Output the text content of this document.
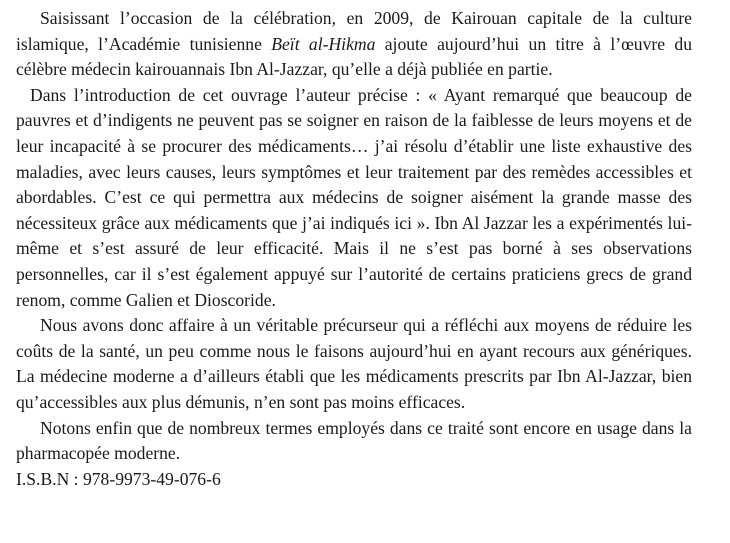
Saisissant l’occasion de la célébration, en 2009, de Kairouan capitale de la culture islamique, l’Académie tunisienne Beït al-Hikma ajoute aujourd’hui un titre à l’œuvre du célèbre médecin kairouannais Ibn Al-Jazzar, qu’elle a déjà publiée en partie.

Dans l’introduction de cet ouvrage l’auteur précise : « Ayant remarqué que beaucoup de pauvres et d’indigents ne peuvent pas se soigner en raison de la faiblesse de leurs moyens et de leur incapacité à se procurer des médicaments… j’ai résolu d’établir une liste exhaustive des maladies, avec leurs causes, leurs symptômes et leur traitement par des remèdes accessibles et abordables. C’est ce qui permettra aux médecins de soigner aisément la grande masse des nécessiteux grâce aux médicaments que j’ai indiqués ici ». Ibn Al Jazzar les a expérimentés lui-même et s’est assuré de leur efficacité. Mais il ne s’est pas borné à ses observations personnelles, car il s’est également appuyé sur l’autorité de certains praticiens grecs de grand renom, comme Galien et Dioscoride.

Nous avons donc affaire à un véritable précurseur qui a réfléchi aux moyens de réduire les coûts de la santé, un peu comme nous le faisons aujourd’hui en ayant recours aux génériques. La médecine moderne a d’ailleurs établi que les médicaments prescrits par Ibn Al-Jazzar, bien qu’accessibles aux plus démunis, n’en sont pas moins efficaces.

Notons enfin que de nombreux termes employés dans ce traité sont encore en usage dans la pharmacopée moderne.

I.S.B.N : 978-9973-49-076-6
